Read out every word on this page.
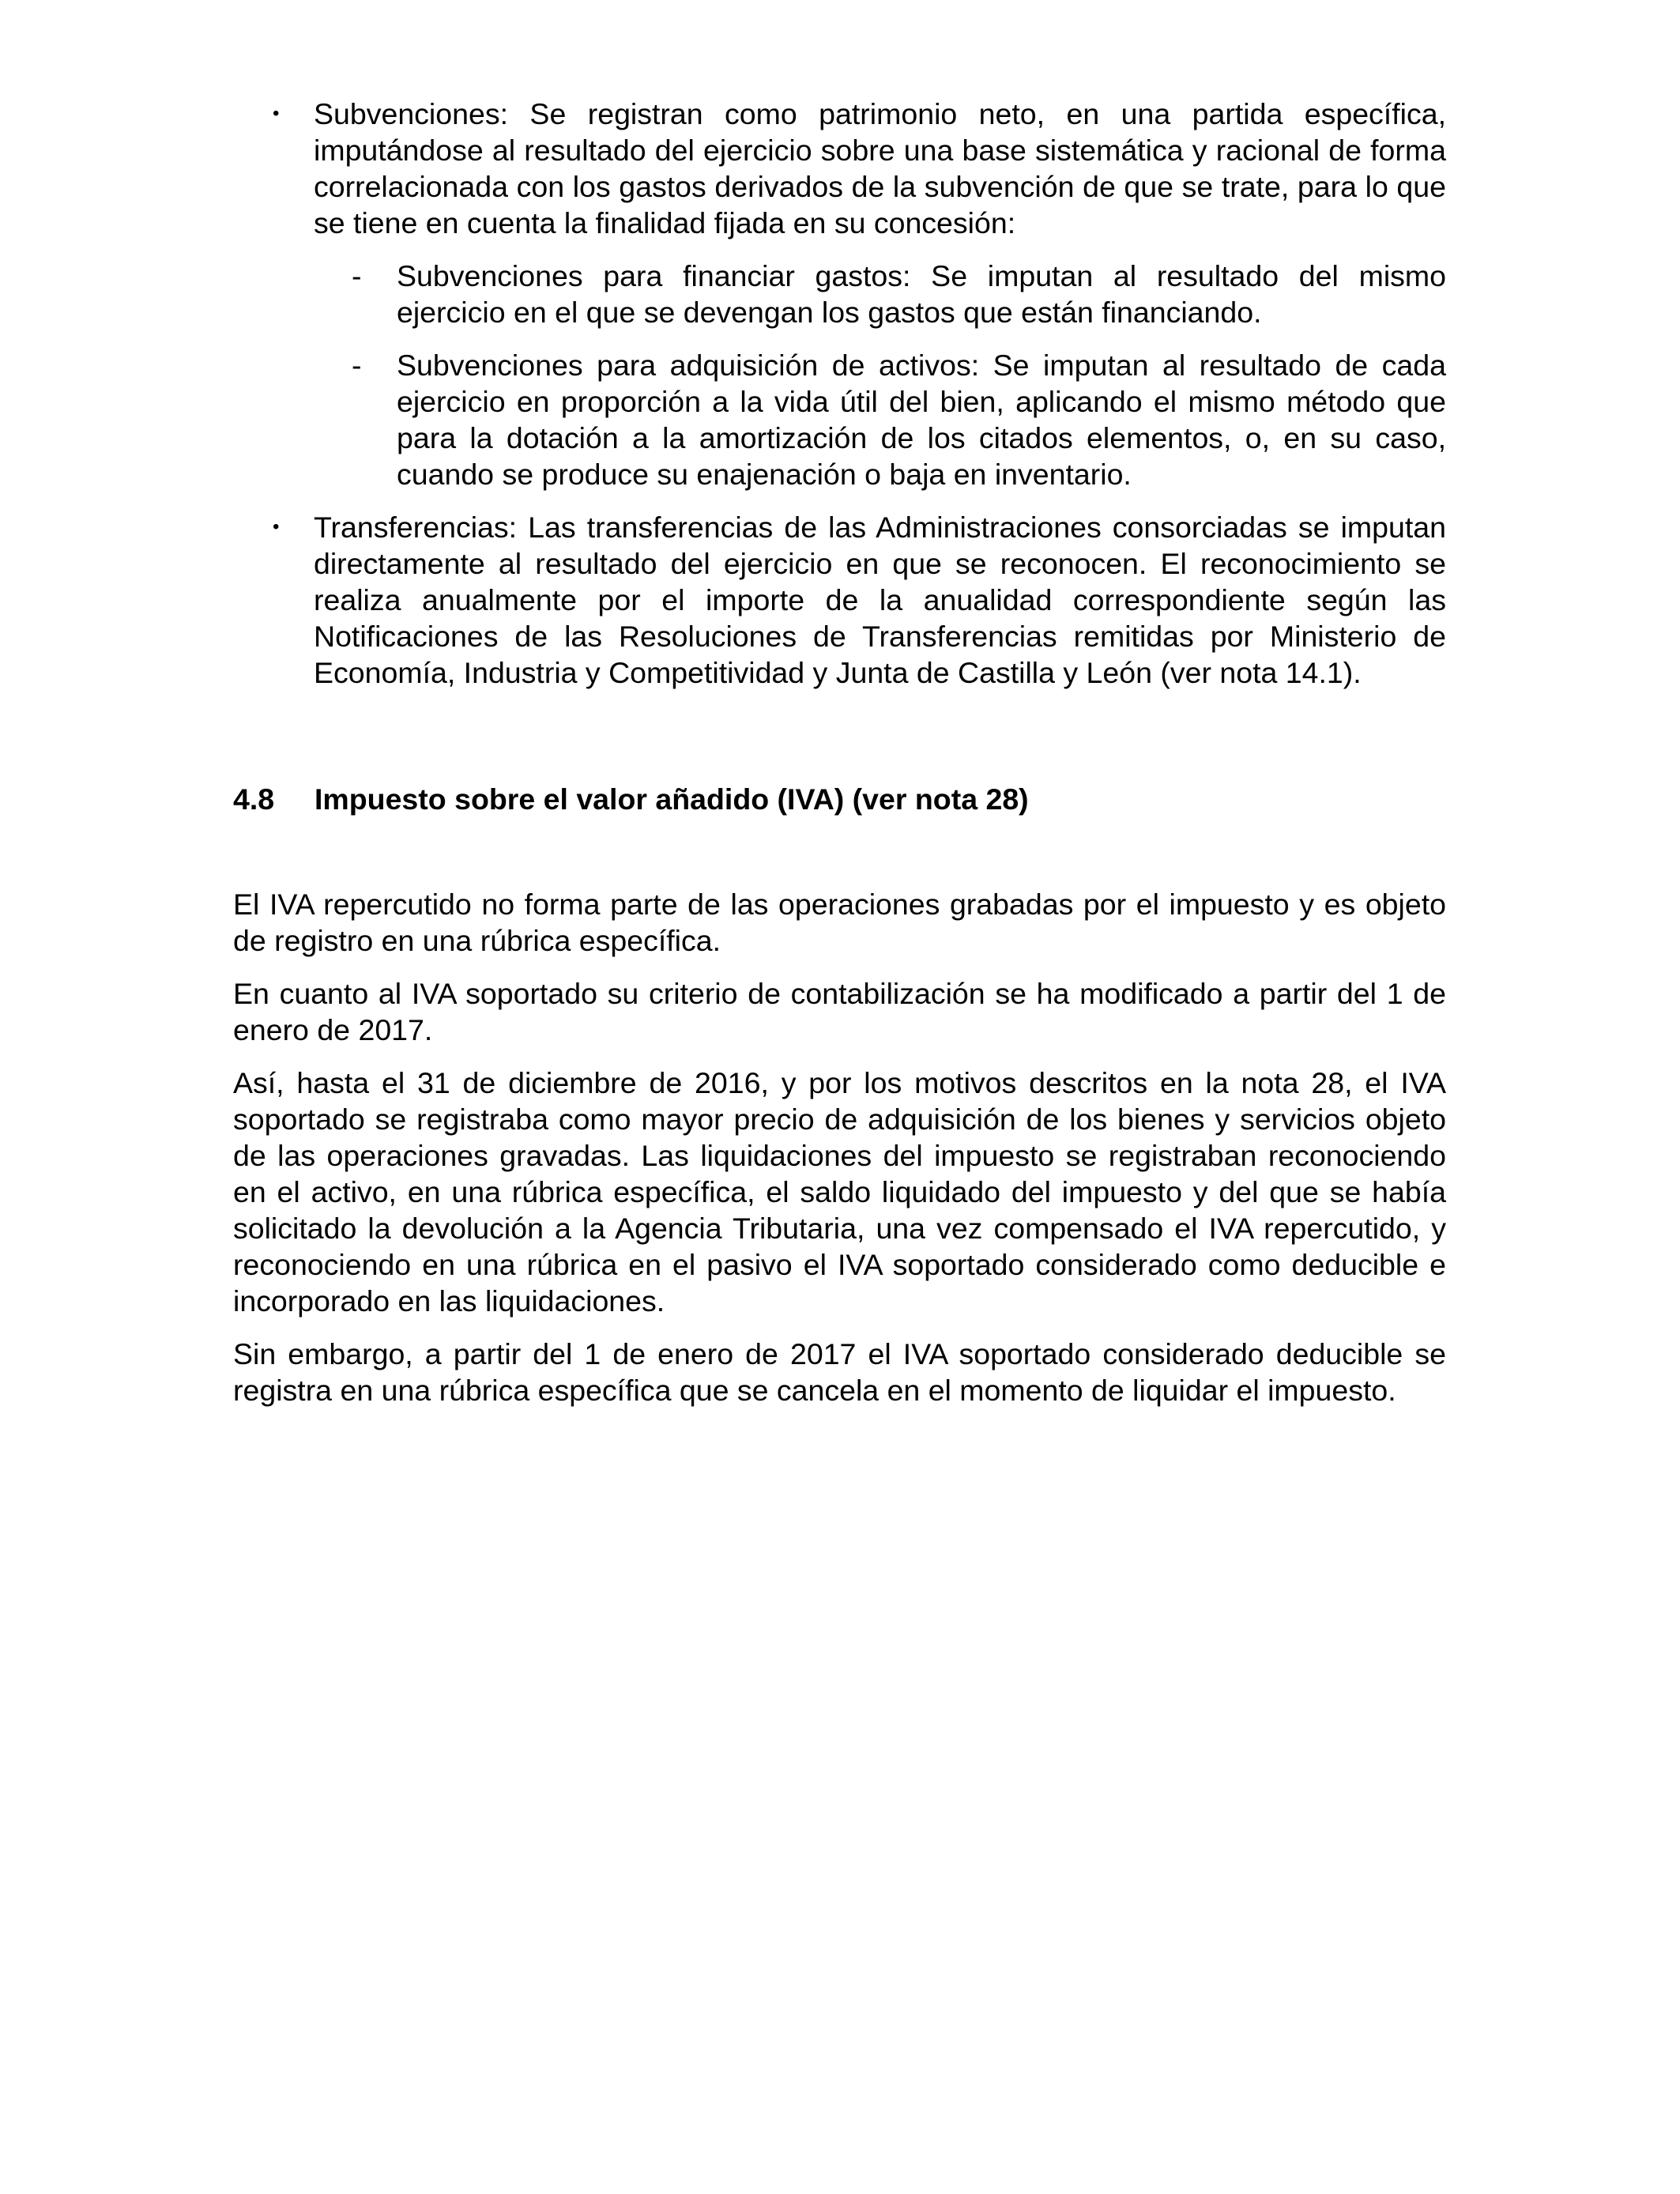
• Subvenciones: Se registran como patrimonio neto, en una partida específica, imputándose al resultado del ejercicio sobre una base sistemática y racional de forma correlacionada con los gastos derivados de la subvención de que se trate, para lo que se tiene en cuenta la finalidad fijada en su concesión:
- Subvenciones para financiar gastos: Se imputan al resultado del mismo ejercicio en el que se devengan los gastos que están financiando.
- Subvenciones para adquisición de activos: Se imputan al resultado de cada ejercicio en proporción a la vida útil del bien, aplicando el mismo método que para la dotación a la amortización de los citados elementos, o, en su caso, cuando se produce su enajenación o baja en inventario.
• Transferencias: Las transferencias de las Administraciones consorciadas se imputan directamente al resultado del ejercicio en que se reconocen. El reconocimiento se realiza anualmente por el importe de la anualidad correspondiente según las Notificaciones de las Resoluciones de Transferencias remitidas por Ministerio de Economía, Industria y Competitividad y Junta de Castilla y León (ver nota 14.1).
4.8 Impuesto sobre el valor añadido (IVA) (ver nota 28)

El IVA repercutido no forma parte de las operaciones grabadas por el impuesto y es objeto de registro en una rúbrica específica.

En cuanto al IVA soportado su criterio de contabilización se ha modificado a partir del 1 de enero de 2017.

Así, hasta el 31 de diciembre de 2016, y por los motivos descritos en la nota 28, el IVA soportado se registraba como mayor precio de adquisición de los bienes y servicios objeto de las operaciones gravadas. Las liquidaciones del impuesto se registraban reconociendo en el activo, en una rúbrica específica, el saldo liquidado del impuesto y del que se había solicitado la devolución a la Agencia Tributaria, una vez compensado el IVA repercutido, y reconociendo en una rúbrica en el pasivo el IVA soportado considerado como deducible e incorporado en las liquidaciones.

Sin embargo, a partir del 1 de enero de 2017 el IVA soportado considerado deducible se registra en una rúbrica específica que se cancela en el momento de liquidar el impuesto.
